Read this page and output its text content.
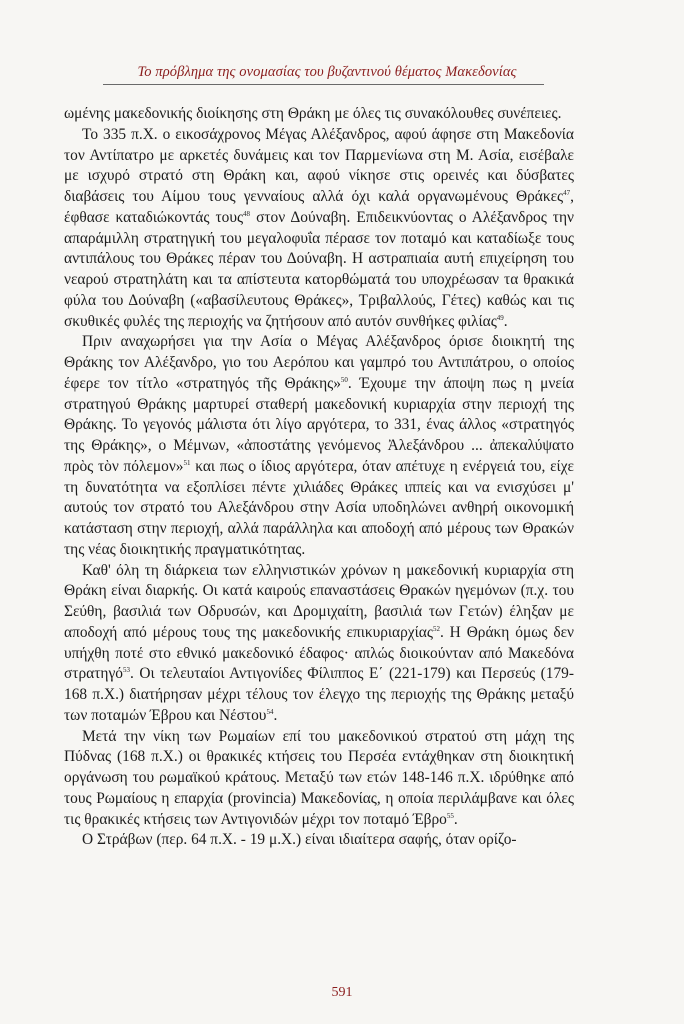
Το πρόβλημα της ονομασίας του βυζαντινού θέματος Μακεδονίας

ωμένης μακεδονικής διοίκησης στη Θράκη με όλες τις συνακόλουθες συνέπειες.

Το 335 π.Χ. ο εικοσάχρονος Μέγας Αλέξανδρος, αφού άφησε στη Μακεδονία τον Αντίπατρο με αρκετές δυνάμεις και τον Παρμενίωνα στη Μ. Ασία, εισέβαλε με ισχυρό στρατό στη Θράκη και, αφού νίκησε στις ορεινές και δύσβατες διαβάσεις του Αίμου τους γενναίους αλλά όχι καλά οργανωμένους Θράκες$^{47}$, έφθασε καταδιώκοντάς τους$^{48}$ στον Δούναβη. Επιδεικνύοντας ο Αλέξανδρος την απαράμιλλη στρατηγική του μεγαλοφυΐα πέρασε τον ποταμό και καταδίωξε τους αντιπάλους του Θράκες πέραν του Δούναβη. Η αστραπιαία αυτή επιχείρηση του νεαρού στρατηλάτη και τα απίστευτα κατορθώματά του υποχρέωσαν τα θρακικά φύλα του Δούναβη («αβασίλευτους Θράκες», Τριβαλλούς, Γέτες) καθώς και τις σκυθικές φυλές της περιοχής να ζητήσουν από αυτόν συνθήκες φιλίας$^{49}$.

Πριν αναχωρήσει για την Ασία ο Μέγας Αλέξανδρος όρισε διοικητή της Θράκης τον Αλέξανδρο, γιο του Αερόπου και γαμπρό του Αντιπάτρου, ο οποίος έφερε τον τίτλο «στρατηγός τῆς Θράκης»$^{50}$. Έχουμε την άποψη πως η μνεία στρατηγού Θράκης μαρτυρεί σταθερή μακεδονική κυριαρχία στην περιοχή της Θράκης. Το γεγονός μάλιστα ότι λίγο αργότερα, το 331, ένας άλλος «στρατηγός της Θράκης», ο Μέμνων, «ἀποστάτης γενόμενος Ἀλεξάνδρου ... ἀπεκαλύψατο πρὸς τὸν πόλεμον»$^{51}$ και πως ο ίδιος αργότερα, όταν απέτυχε η ενέργειά του, είχε τη δυνατότητα να εξοπλίσει πέντε χιλιάδες Θράκες ιππείς και να ενισχύσει μ' αυτούς τον στρατό του Αλεξάνδρου στην Ασία υποδηλώνει ανθηρή οικονομική κατάσταση στην περιοχή, αλλά παράλληλα και αποδοχή από μέρους των Θρακών της νέας διοικητικής πραγματικότητας.

Καθ' όλη τη διάρκεια των ελληνιστικών χρόνων η μακεδονική κυριαρχία στη Θράκη είναι διαρκής. Οι κατά καιρούς επαναστάσεις Θρακών ηγεμόνων (π.χ. του Σεύθη, βασιλιά των Οδρυσών, και Δρομιχαίτη, βασιλιά των Γετών) έληξαν με αποδοχή από μέρους τους της μακεδονικής επικυριαρχίας$^{52}$. Η Θράκη όμως δεν υπήχθη ποτέ στο εθνικό μακεδονικό έδαφος· απλώς διοικούνταν από Μακεδόνα στρατηγό$^{53}$. Οι τελευταίοι Αντιγονίδες Φίλιππος Ε΄ (221-179) και Περσεύς (179-168 π.Χ.) διατήρησαν μέχρι τέλους τον έλεγχο της περιοχής της Θράκης μεταξύ των ποταμών Έβρου και Νέστου$^{54}$.

Μετά την νίκη των Ρωμαίων επί του μακεδονικού στρατού στη μάχη της Πύδνας (168 π.Χ.) οι θρακικές κτήσεις του Περσέα εντάχθηκαν στη διοικητική οργάνωση του ρωμαϊκού κράτους. Μεταξύ των ετών 148-146 π.Χ. ιδρύθηκε από τους Ρωμαίους η επαρχία (provincia) Μακεδονίας, η οποία περιλάμβανε και όλες τις θρακικές κτήσεις των Αντιγονιδών μέχρι τον ποταμό Έβρο$^{55}$.

Ο Στράβων (περ. 64 π.Χ. - 19 μ.Χ.) είναι ιδιαίτερα σαφής, όταν ορίζο-

591
